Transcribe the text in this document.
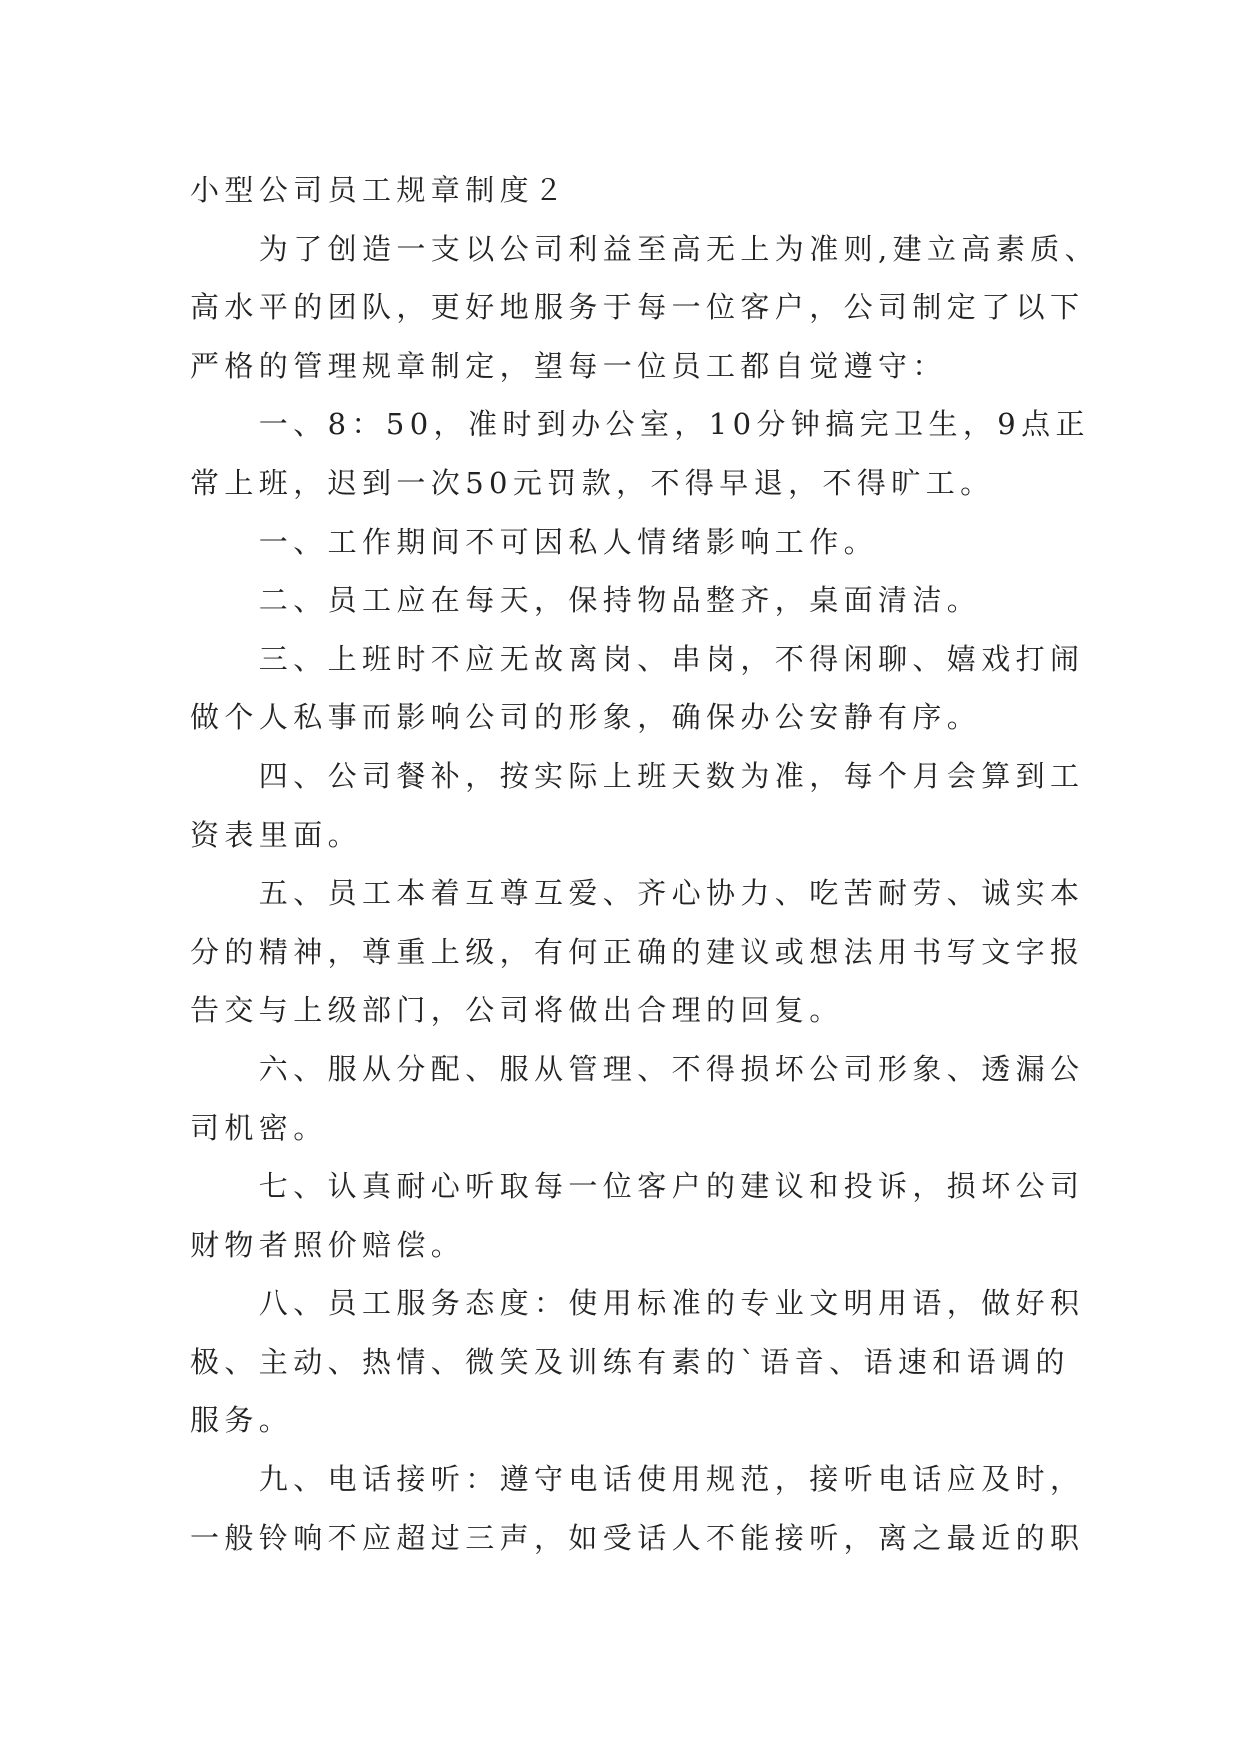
小型公司员工规章制度２
　　为了创造一支以公司利益至高无上为准则,建立高素质、
高水平的团队，更好地服务于每一位客户，公司制定了以下
严格的管理规章制定，望每一位员工都自觉遵守：
　　一、8：50，准时到办公室，10分钟搞完卫生，9点正
常上班，迟到一次50元罚款，不得早退，不得旷工。
　　一、工作期间不可因私人情绪影响工作。
　　二、员工应在每天，保持物品整齐，桌面清洁。
　　三、上班时不应无故离岗、串岗，不得闲聊、嬉戏打闹
做个人私事而影响公司的形象，确保办公安静有序。
　　四、公司餐补，按实际上班天数为准，每个月会算到工
资表里面。
　　五、员工本着互尊互爱、齐心协力、吃苦耐劳、诚实本
分的精神，尊重上级，有何正确的建议或想法用书写文字报
告交与上级部门，公司将做出合理的回复。
　　六、服从分配、服从管理、不得损坏公司形象、透漏公
司机密。
　　七、认真耐心听取每一位客户的建议和投诉，损坏公司
财物者照价赔偿。
　　八、员工服务态度：使用标准的专业文明用语，做好积
极、主动、热情、微笑及训练有素的`语音、语速和语调的
服务。
　　九、电话接听：遵守电话使用规范，接听电话应及时，
一般铃响不应超过三声，如受话人不能接听，离之最近的职
